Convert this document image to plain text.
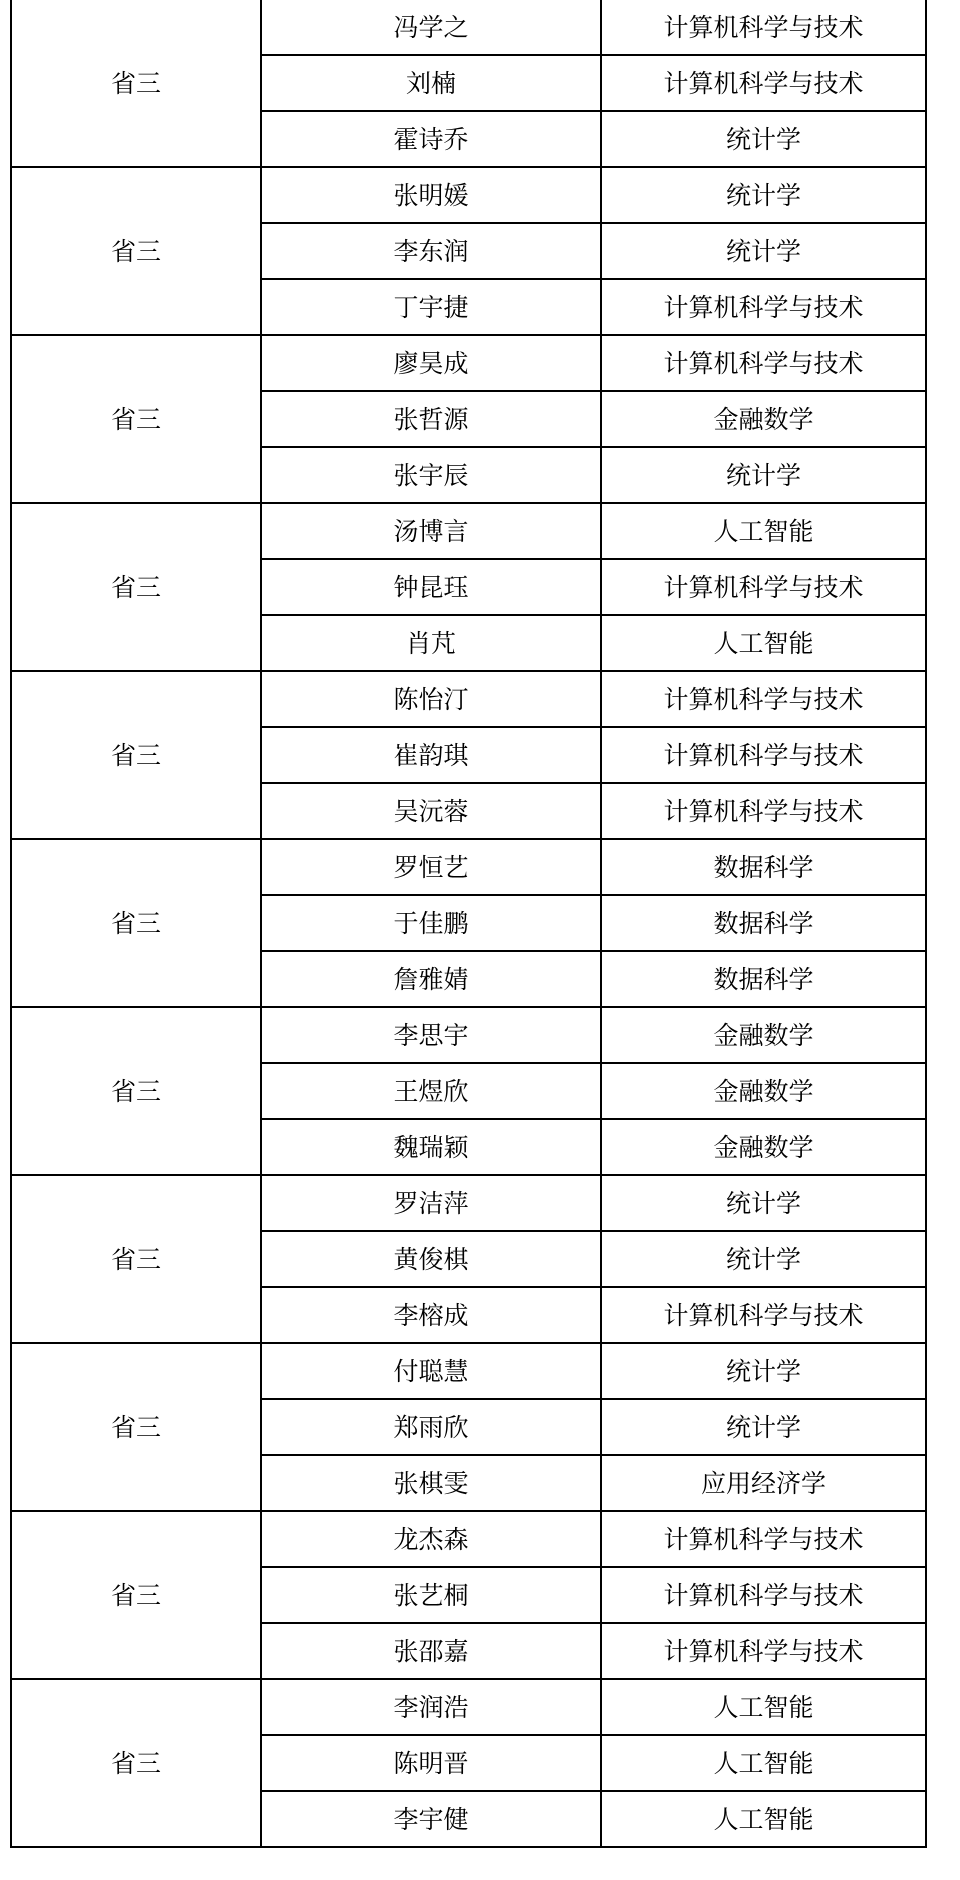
省三	冯学之	计算机科学与技术
	刘楠	计算机科学与技术
	霍诗乔	统计学
省三	张明媛	统计学
	李东润	统计学
	丁宇捷	计算机科学与技术
省三	廖昊成	计算机科学与技术
	张哲源	金融数学
	张宇辰	统计学
省三	汤博言	人工智能
	钟昆珏	计算机科学与技术
	肖芃	人工智能
省三	陈怡汀	计算机科学与技术
	崔韵琪	计算机科学与技术
	吴沅蓉	计算机科学与技术
省三	罗恒艺	数据科学
	于佳鹏	数据科学
	詹雅婧	数据科学
省三	李思宇	金融数学
	王煜欣	金融数学
	魏瑞颖	金融数学
省三	罗洁萍	统计学
	黄俊棋	统计学
	李榕成	计算机科学与技术
省三	付聪慧	统计学
	郑雨欣	统计学
	张棋雯	应用经济学
省三	龙杰森	计算机科学与技术
	张艺桐	计算机科学与技术
	张邵嘉	计算机科学与技术
省三	李润浩	人工智能
	陈明晋	人工智能
	李宇健	人工智能
